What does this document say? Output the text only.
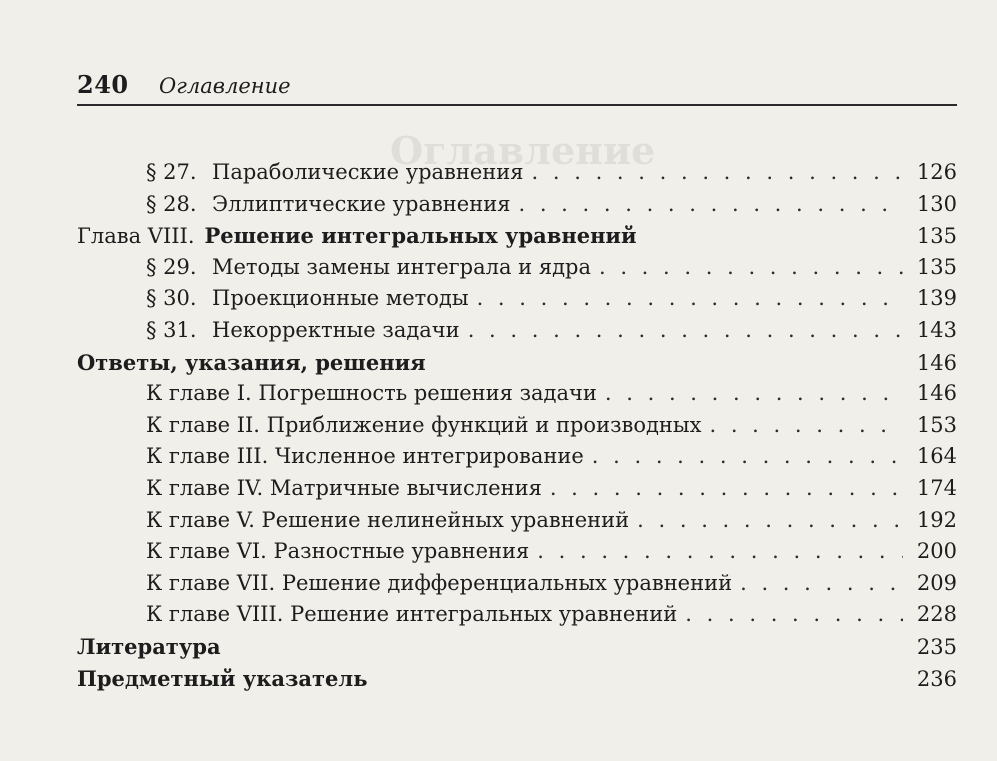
Оглавление
240 Оглавление
§ 27. Параболические уравнения . . .	126
§ 28. Эллиптические уравнения . . .	130
Глава VIII. Решение интегральных уравнений	135
§ 29. Методы замены интеграла и ядра . . .	135
§ 30. Проекционные методы . . .	139
§ 31. Некорректные задачи . . .	143
Ответы, указания, решения	146
К главе I. Погрешность решения задачи . . .	146
К главе II. Приближение функций и производных . . .	153
К главе III. Численное интегрирование . . .	164
К главе IV. Матричные вычисления . . .	174
К главе V. Решение нелинейных уравнений . . .	192
К главе VI. Разностные уравнения . . .	200
К главе VII. Решение дифференциальных уравнений . . .	209
К главе VIII. Решение интегральных уравнений . . .	228
Литература	235
Предметный указатель	236
